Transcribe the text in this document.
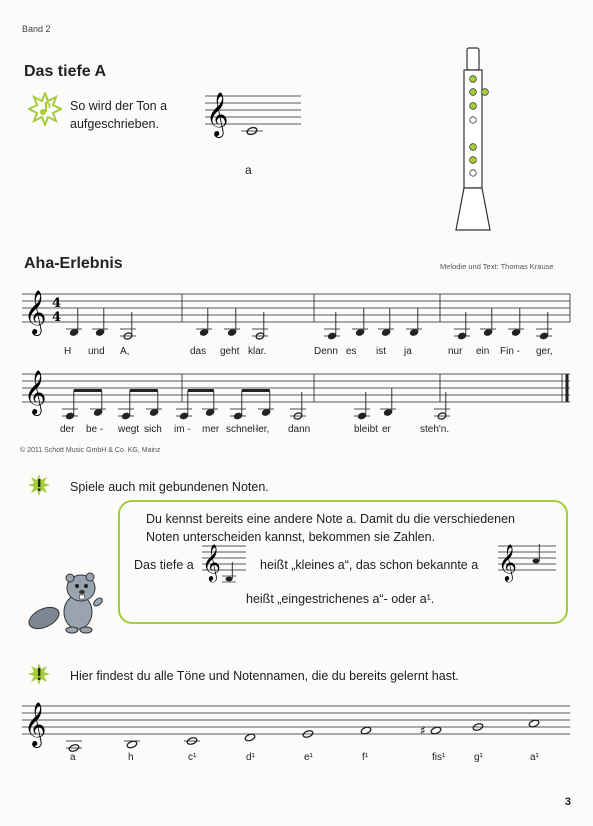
Band 2
Das tiefe A
So wird der Ton a
aufgeschrieben. 𝄞
a
Aha-Erlebnis	Melodie und Text: Thomas Krause
𝄞 4
4
H und A,	das geht klar.	Denn es ist ja	nur ein Fin - ger,
𝄞
der be - wegt sich im - mer schnel-
ler, dann	bleibt er	steh'n.
© 2011 Schott Music GmbH & Co. KG, Mainz
Spiele auch mit gebundenen Noten.
Du kennst bereits eine andere Note a. Damit du die verschiedenen
Noten unterscheiden kannst, bekommen sie Zahlen.
Das tiefe a 𝄞	heißt „kleines a“, das schon bekannte a 𝄞
heißt „eingestrichenes a“- oder a¹.
Hier findest du alle Töne und Notennamen, die du bereits gelernt hast.
𝄞	♯
a	h	c¹	d¹	e¹	f¹	fis¹	g¹	a¹
3
